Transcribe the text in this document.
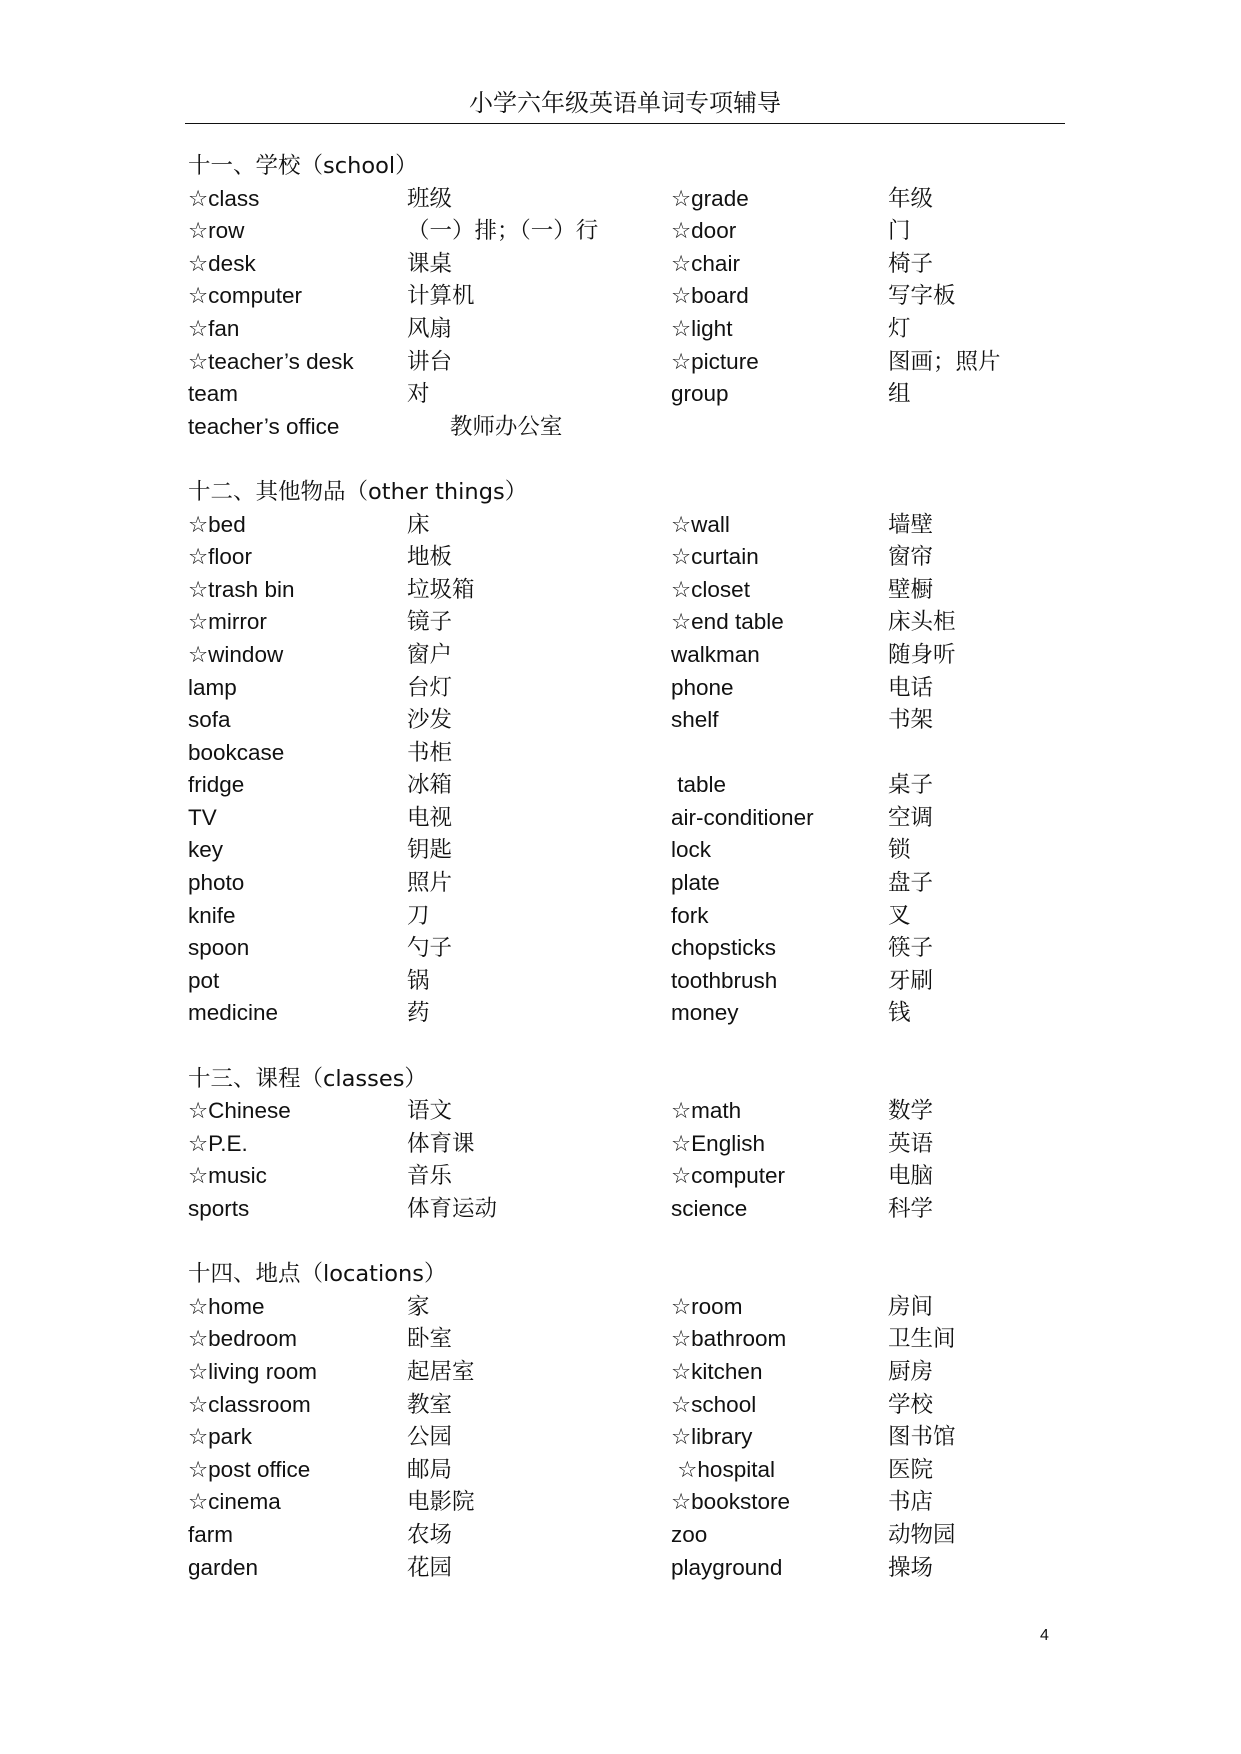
小学六年级英语单词专项辅导
十一、学校（school）
☆class	班级	☆grade	年级
☆row	（一）排；（一）行	☆door	门
☆desk	课桌	☆chair	椅子
☆computer	计算机	☆board	写字板
☆fan	风扇	☆light	灯
☆teacher’s desk 讲台	☆picture	图画；照片
team	对	group	组
teacher’s office	教师办公室
十二、其他物品（other things）
☆bed	床	☆wall	墙壁
☆floor	地板	☆curtain	窗帘
☆trash bin	垃圾箱	☆closet	壁橱
☆mirror	镜子	☆end table	床头柜
☆window	窗户	walkman	随身听
lamp	台灯	phone	电话
sofa	沙发	shelf	书架
bookcase	书柜
fridge	冰箱	table	桌子
TV	电视	air-conditioner	空调
key	钥匙	lock	锁
photo	照片	plate	盘子
knife	刀	fork	叉
spoon	勺子	chopsticks	筷子
pot	锅	toothbrush	牙刷
medicine	药	money	钱
十三、课程（classes）
☆Chinese	语文	☆math	数学
☆P.E.	体育课	☆English	英语
☆music	音乐	☆computer	电脑
sports	体育运动	science	科学
十四、地点（locations）
☆home	家	☆room	房间
☆bedroom	卧室	☆bathroom	卫生间
☆living room	起居室	☆kitchen	厨房
☆classroom	教室	☆school	学校
☆park	公园	☆library	图书馆
☆post office	邮局	☆hospital	医院
☆cinema	电影院	☆bookstore	书店
farm	农场	zoo	动物园
garden	花园	playground	操场
4
